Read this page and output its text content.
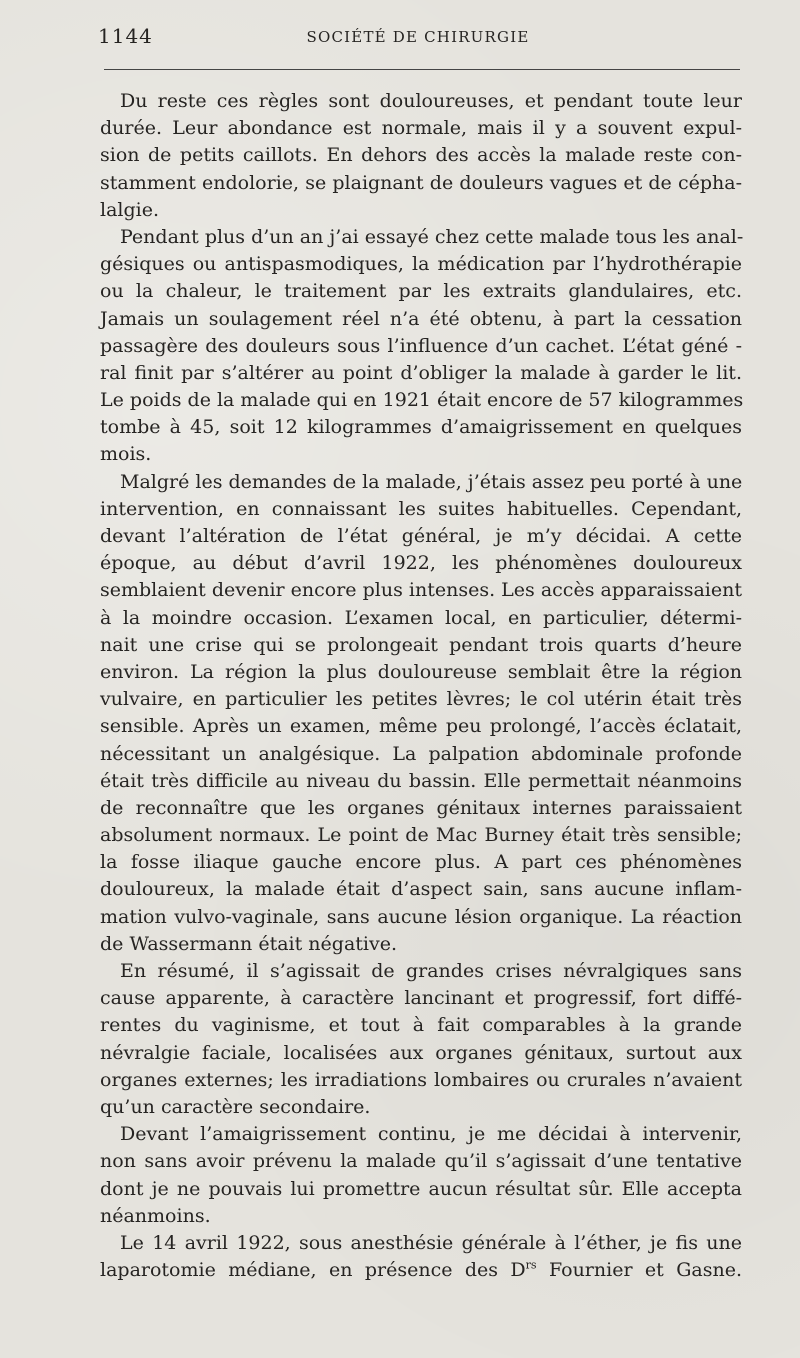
1144	SOCIÉTÉ DE CHIRURGIE
Du reste ces règles sont douloureuses, et pendant toute leur
durée. Leur abondance est normale, mais il y a souvent expul-
sion de petits caillots. En dehors des accès la malade reste con-
stamment endolorie, se plaignant de douleurs vagues et de cépha-
lalgie.
Pendant plus d’un an j’ai essayé chez cette malade tous les anal-
gésiques ou antispasmodiques, la médication par l’hydrothérapie
ou la chaleur, le traitement par les extraits glandulaires, etc.
Jamais un soulagement réel n’a été obtenu, à part la cessation
passagère des douleurs sous l’influence d’un cachet. L’état géné -
ral finit par s’altérer au point d’obliger la malade à garder le lit.
Le poids de la malade qui en 1921 était encore de 57 kilogrammes
tombe à 45, soit 12 kilogrammes d’amaigrissement en quelques
mois.
Malgré les demandes de la malade, j’étais assez peu porté à une
intervention, en connaissant les suites habituelles. Cependant,
devant l’altération de l’état général, je m’y décidai. A cette
époque, au début d’avril 1922, les phénomènes douloureux
semblaient devenir encore plus intenses. Les accès apparaissaient
à la moindre occasion. L’examen local, en particulier, détermi-
nait une crise qui se prolongeait pendant trois quarts d’heure
environ. La région la plus douloureuse semblait être la région
vulvaire, en particulier les petites lèvres; le col utérin était très
sensible. Après un examen, même peu prolongé, l’accès éclatait,
nécessitant un analgésique. La palpation abdominale profonde
était très difficile au niveau du bassin. Elle permettait néanmoins
de reconnaître que les organes génitaux internes paraissaient
absolument normaux. Le point de Mac Burney était très sensible;
la fosse iliaque gauche encore plus. A part ces phénomènes
douloureux, la malade était d’aspect sain, sans aucune inflam-
mation vulvo-vaginale, sans aucune lésion organique. La réaction
de Wassermann était négative.
En résumé, il s’agissait de grandes crises névralgiques sans
cause apparente, à caractère lancinant et progressif, fort diffé-
rentes du vaginisme, et tout à fait comparables à la grande
névralgie faciale, localisées aux organes génitaux, surtout aux
organes externes; les irradiations lombaires ou crurales n’avaient
qu’un caractère secondaire.
Devant l’amaigrissement continu, je me décidai à intervenir,
non sans avoir prévenu la malade qu’il s’agissait d’une tentative
dont je ne pouvais lui promettre aucun résultat sûr. Elle accepta
néanmoins.
Le 14 avril 1922, sous anesthésie générale à l’éther, je fis une
laparotomie médiane, en présence des $D^{rs}$ Fournier et Gasne.
